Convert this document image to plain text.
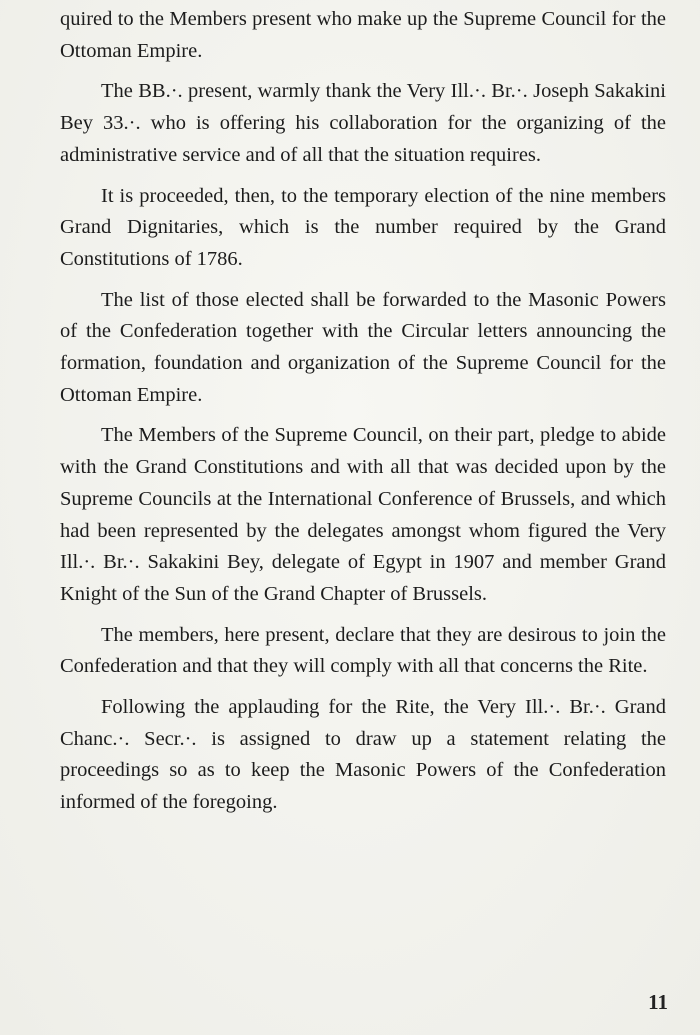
quired to the Members present who make up the Supreme Council for the Ottoman Empire.

The BB.·. present, warmly thank the Very Ill.·. Br.·. Joseph Sakakini Bey 33.·. who is offering his collaboration for the organizing of the administrative service and of all that the situation requires.

It is proceeded, then, to the temporary election of the nine members Grand Dignitaries, which is the number required by the Grand Constitutions of 1786.

The list of those elected shall be forwarded to the Masonic Powers of the Confederation together with the Circular letters announcing the formation, foundation and organization of the Supreme Council for the Ottoman Empire.

The Members of the Supreme Council, on their part, pledge to abide with the Grand Constitutions and with all that was decided upon by the Supreme Councils at the International Conference of Brussels, and which had been represented by the delegates amongst whom figured the Very Ill.·. Br.·. Sakakini Bey, delegate of Egypt in 1907 and member Grand Knight of the Sun of the Grand Chapter of Brussels.

The members, here present, declare that they are desirous to join the Confederation and that they will comply with all that concerns the Rite.

Following the applauding for the Rite, the Very Ill.·. Br.·. Grand Chanc.·. Secr.·. is assigned to draw up a statement relating the proceedings so as to keep the Masonic Powers of the Confederation informed of the foregoing.

11
